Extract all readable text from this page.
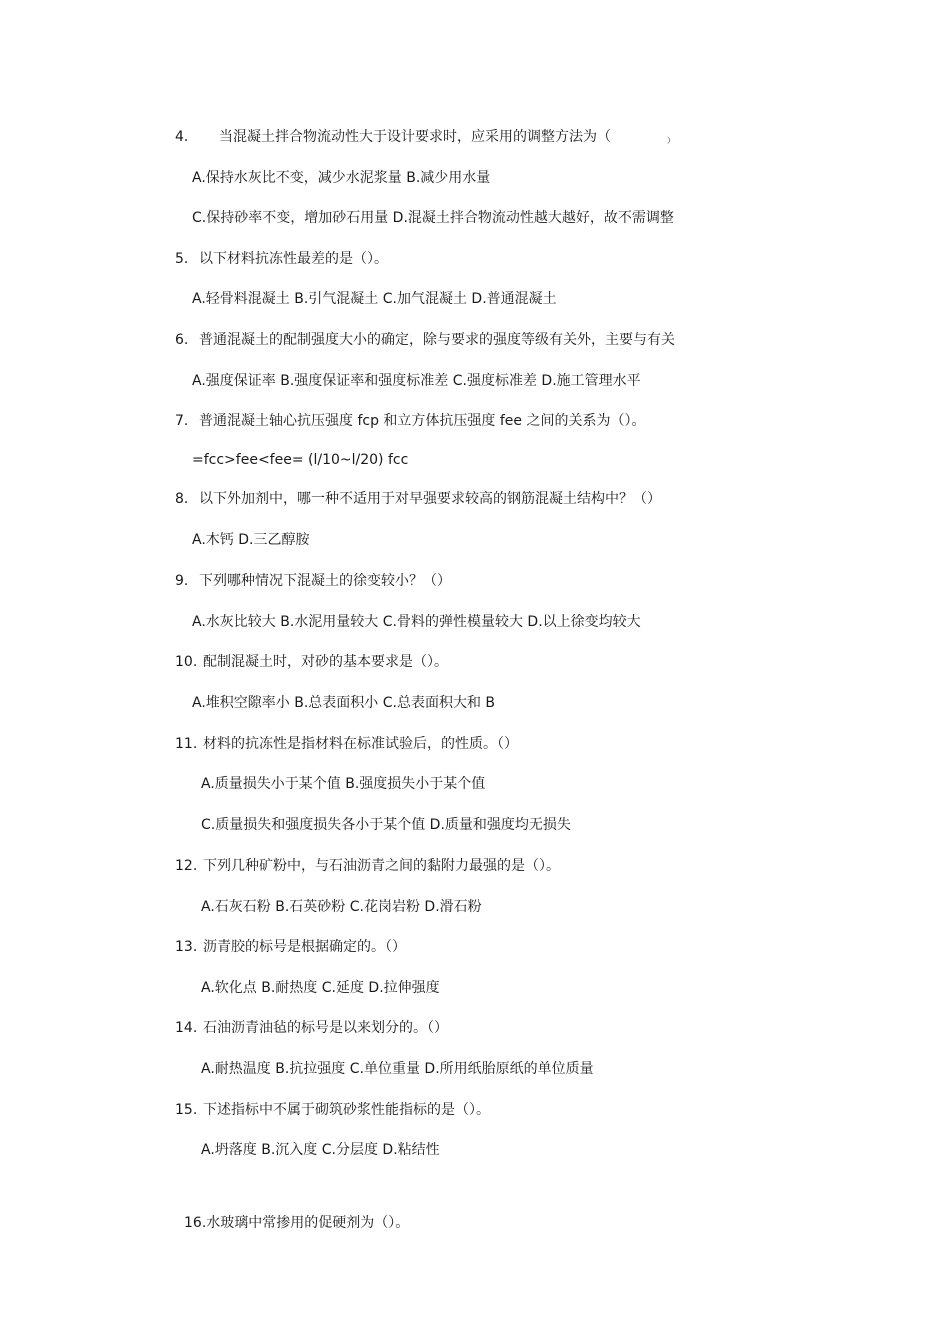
4. 当混凝土拌合物流动性大于设计要求时，应采用的调整方法为（	）
A.保持水灰比不变，减少水泥浆量 B.减少用水量
C.保持砂率不变，增加砂石用量 D.混凝土拌合物流动性越大越好，故不需调整
5. 以下材料抗冻性最差的是（）。
A.轻骨料混凝土 B.引气混凝土 C.加气混凝土 D.普通混凝土
6. 普通混凝土的配制强度大小的确定，除与要求的强度等级有关外，主要与有关
A.强度保证率 B.强度保证率和强度标准差 C.强度标准差 D.施工管理水平
7. 普通混凝土轴心抗压强度 fcp 和立方体抗压强度 fee 之间的关系为（）。
=fcc>fee<fee= (l/10~l/20) fcc
8. 以下外加剂中，哪一种不适用于对早强要求较高的钢筋混凝土结构中？（）
A.木钙 D.三乙醇胺
9. 下列哪种情况下混凝土的徐变较小？（）
A.水灰比较大 B.水泥用量较大 C.骨料的弹性模量较大 D.以上徐变均较大
10. 配制混凝土时，对砂的基本要求是（）。
A.堆积空隙率小 B.总表面积小 C.总表面积大和 B
11. 材料的抗冻性是指材料在标准试验后，的性质。（）
A.质量损失小于某个值 B.强度损失小于某个值
C.质量损失和强度损失各小于某个值 D.质量和强度均无损失
12. 下列几种矿粉中，与石油沥青之间的黏附力最强的是（）。
A.石灰石粉 B.石英砂粉 C.花岗岩粉 D.滑石粉
13. 沥青胶的标号是根据确定的。（）
A.软化点 B.耐热度 C.延度 D.拉伸强度
14. 石油沥青油毡的标号是以来划分的。（）
A.耐热温度 B.抗拉强度 C.单位重量 D.所用纸胎原纸的单位质量
15. 下述指标中不属于砌筑砂浆性能指标的是（）。
A.坍落度 B.沉入度 C.分层度 D.粘结性
16.水玻璃中常掺用的促硬剂为（）。
